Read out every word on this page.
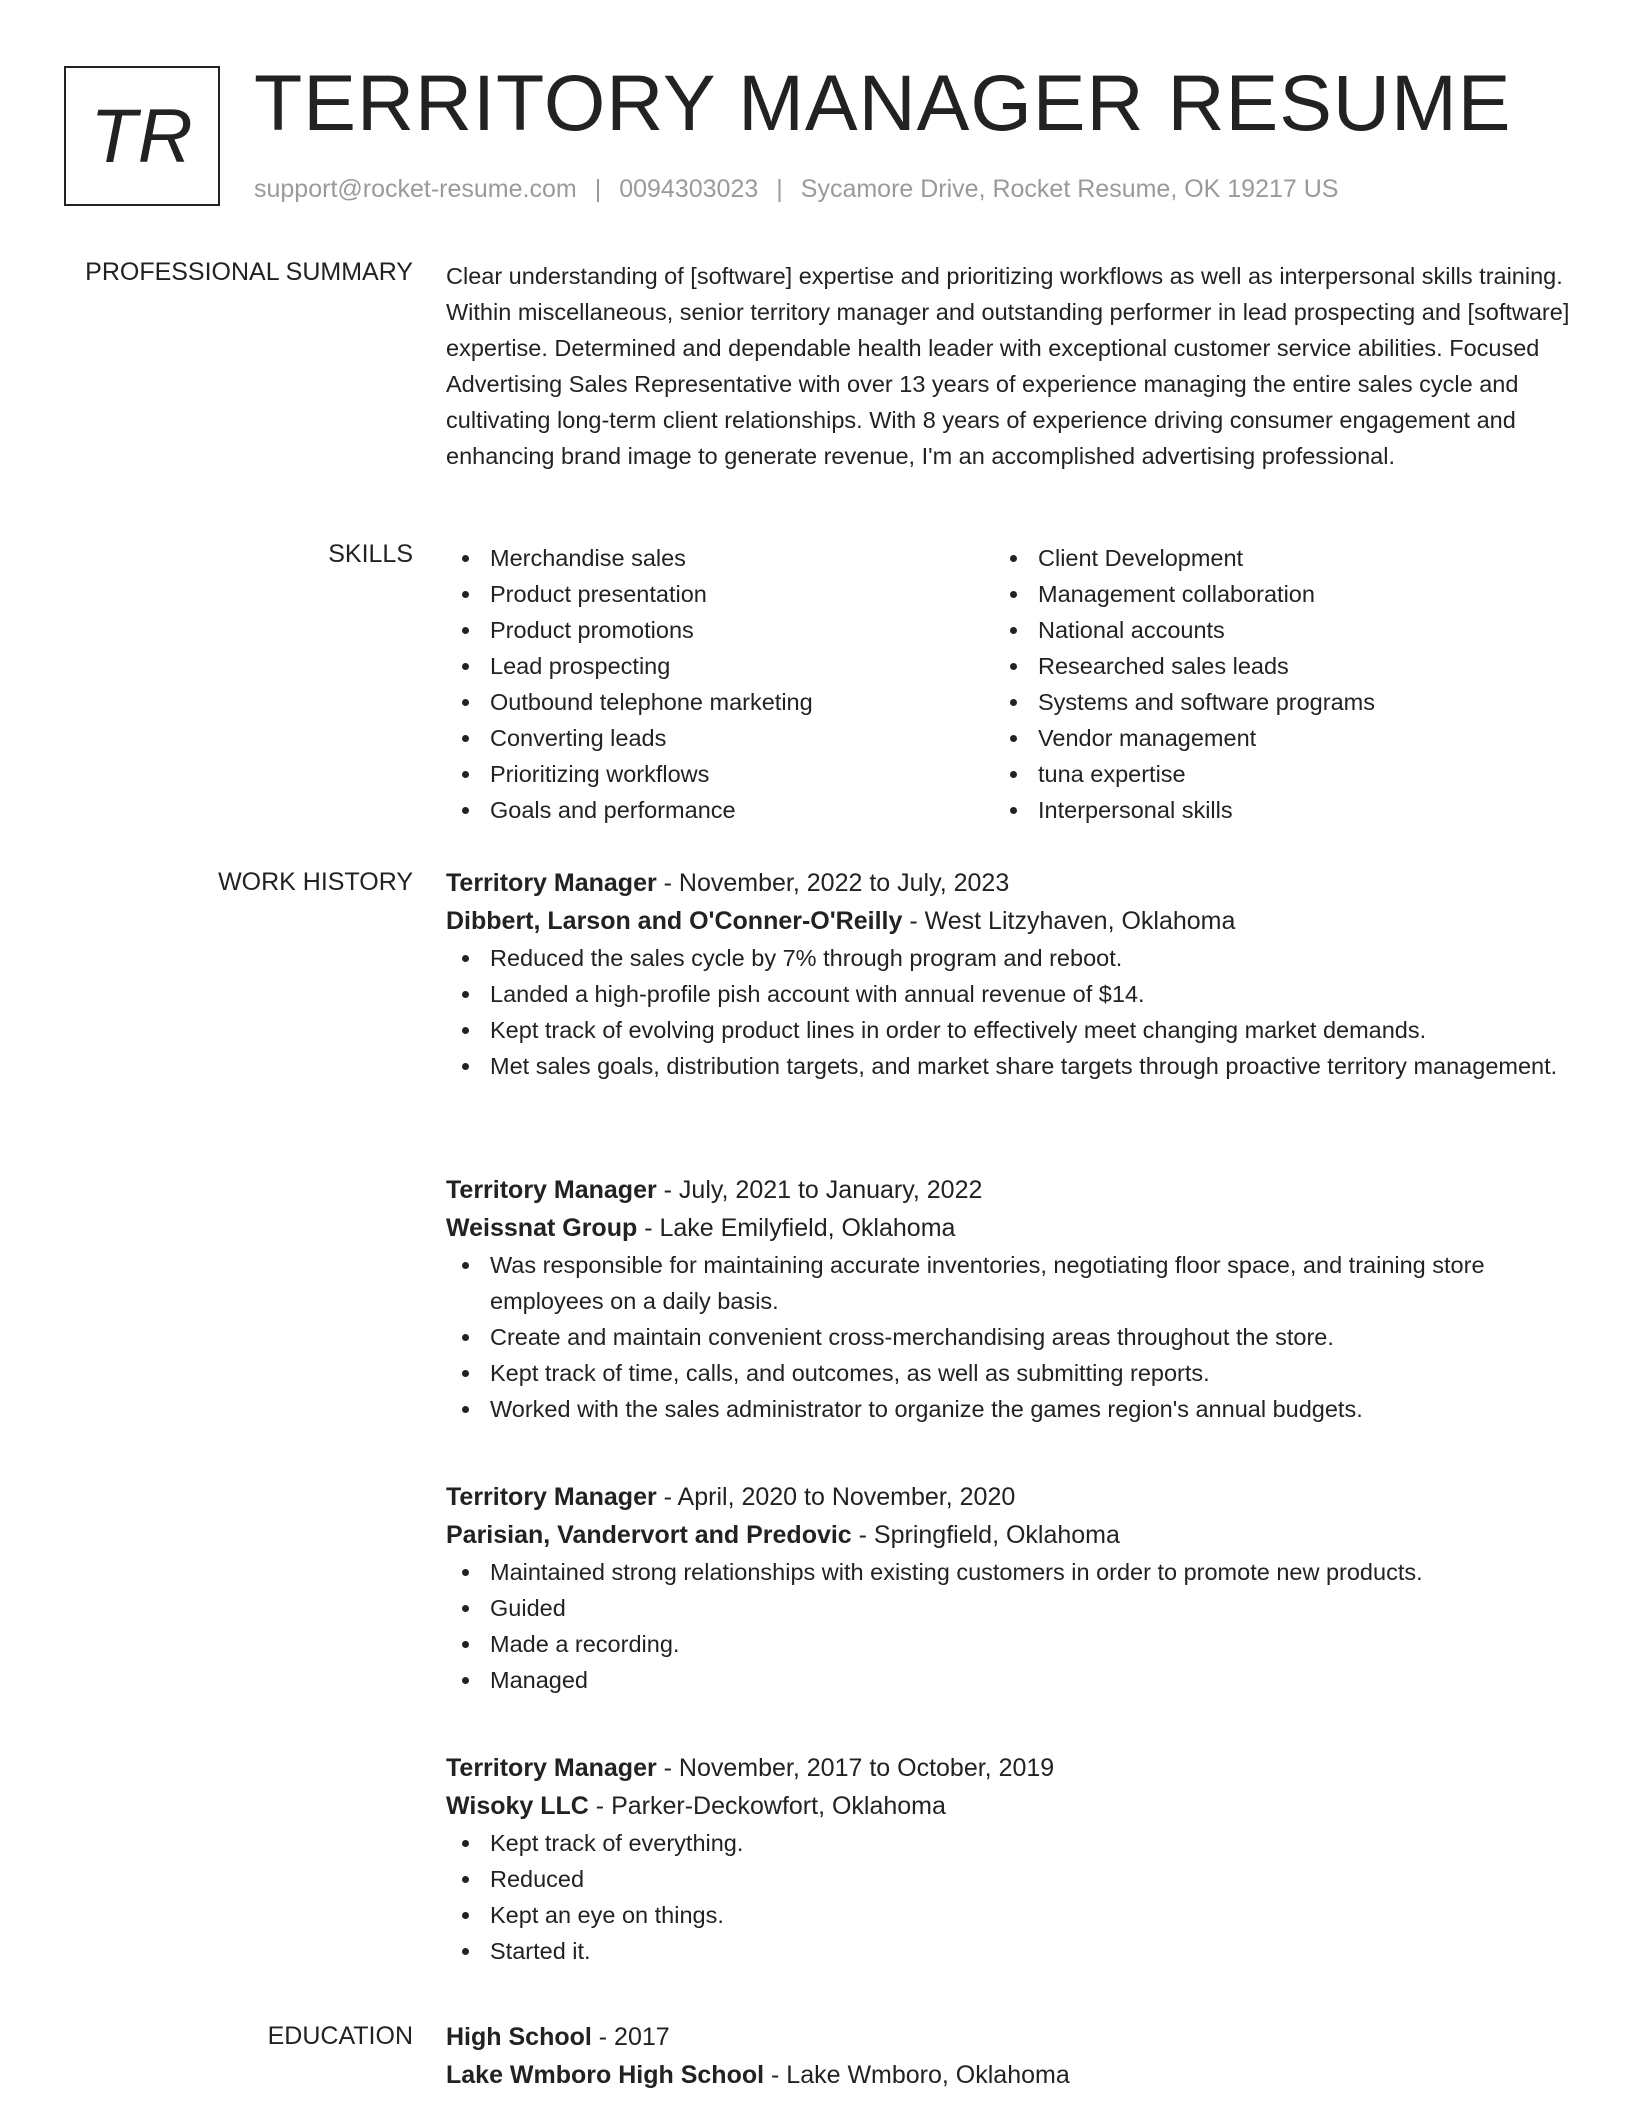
TR TERRITORY MANAGER RESUME
support@rocket-resume.com | 0094303023 | Sycamore Drive, Rocket Resume, OK 19217 US
PROFESSIONAL SUMMARY Clear understanding of [software] expertise and prioritizing workflows as well as interpersonal skills training. Within miscellaneous, senior territory manager and outstanding performer in lead prospecting and [software] expertise. Determined and dependable health leader with exceptional customer service abilities. Focused Advertising Sales Representative with over 13 years of experience managing the entire sales cycle and cultivating long-term client relationships. With 8 years of experience driving consumer engagement and enhancing brand image to generate revenue, I'm an accomplished advertising professional.

SKILLS	Merchandise sales
Product presentation
Product promotions
Lead prospecting
Outbound telephone marketing
Converting leads
Prioritizing workflows
Goals and performance
Client Development
Management collaboration
National accounts
Researched sales leads
Systems and software programs
Vendor management
tuna expertise
Interpersonal skills
WORK HISTORY Territory Manager - November, 2022 to July, 2023
Dibbert, Larson and O'Conner-O'Reilly - West Litzyhaven, Oklahoma
Reduced the sales cycle by 7% through program and reboot.
Landed a high-profile pish account with annual revenue of $14.
Kept track of evolving product lines in order to effectively meet changing market demands.
Met sales goals, distribution targets, and market share targets through proactive territory management.
Territory Manager - July, 2021 to January, 2022
Weissnat Group - Lake Emilyfield, Oklahoma
Was responsible for maintaining accurate inventories, negotiating floor space, and training store employees on a daily basis.
Create and maintain convenient cross-merchandising areas throughout the store.
Kept track of time, calls, and outcomes, as well as submitting reports.
Worked with the sales administrator to organize the games region's annual budgets.
Territory Manager - April, 2020 to November, 2020
Parisian, Vandervort and Predovic - Springfield, Oklahoma
Maintained strong relationships with existing customers in order to promote new products.
Guided
Made a recording.
Managed
Territory Manager - November, 2017 to October, 2019
Wisoky LLC - Parker-Deckowfort, Oklahoma
Kept track of everything.
Reduced
Kept an eye on things.
Started it.
EDUCATION High School - 2017
Lake Wmboro High School - Lake Wmboro, Oklahoma
